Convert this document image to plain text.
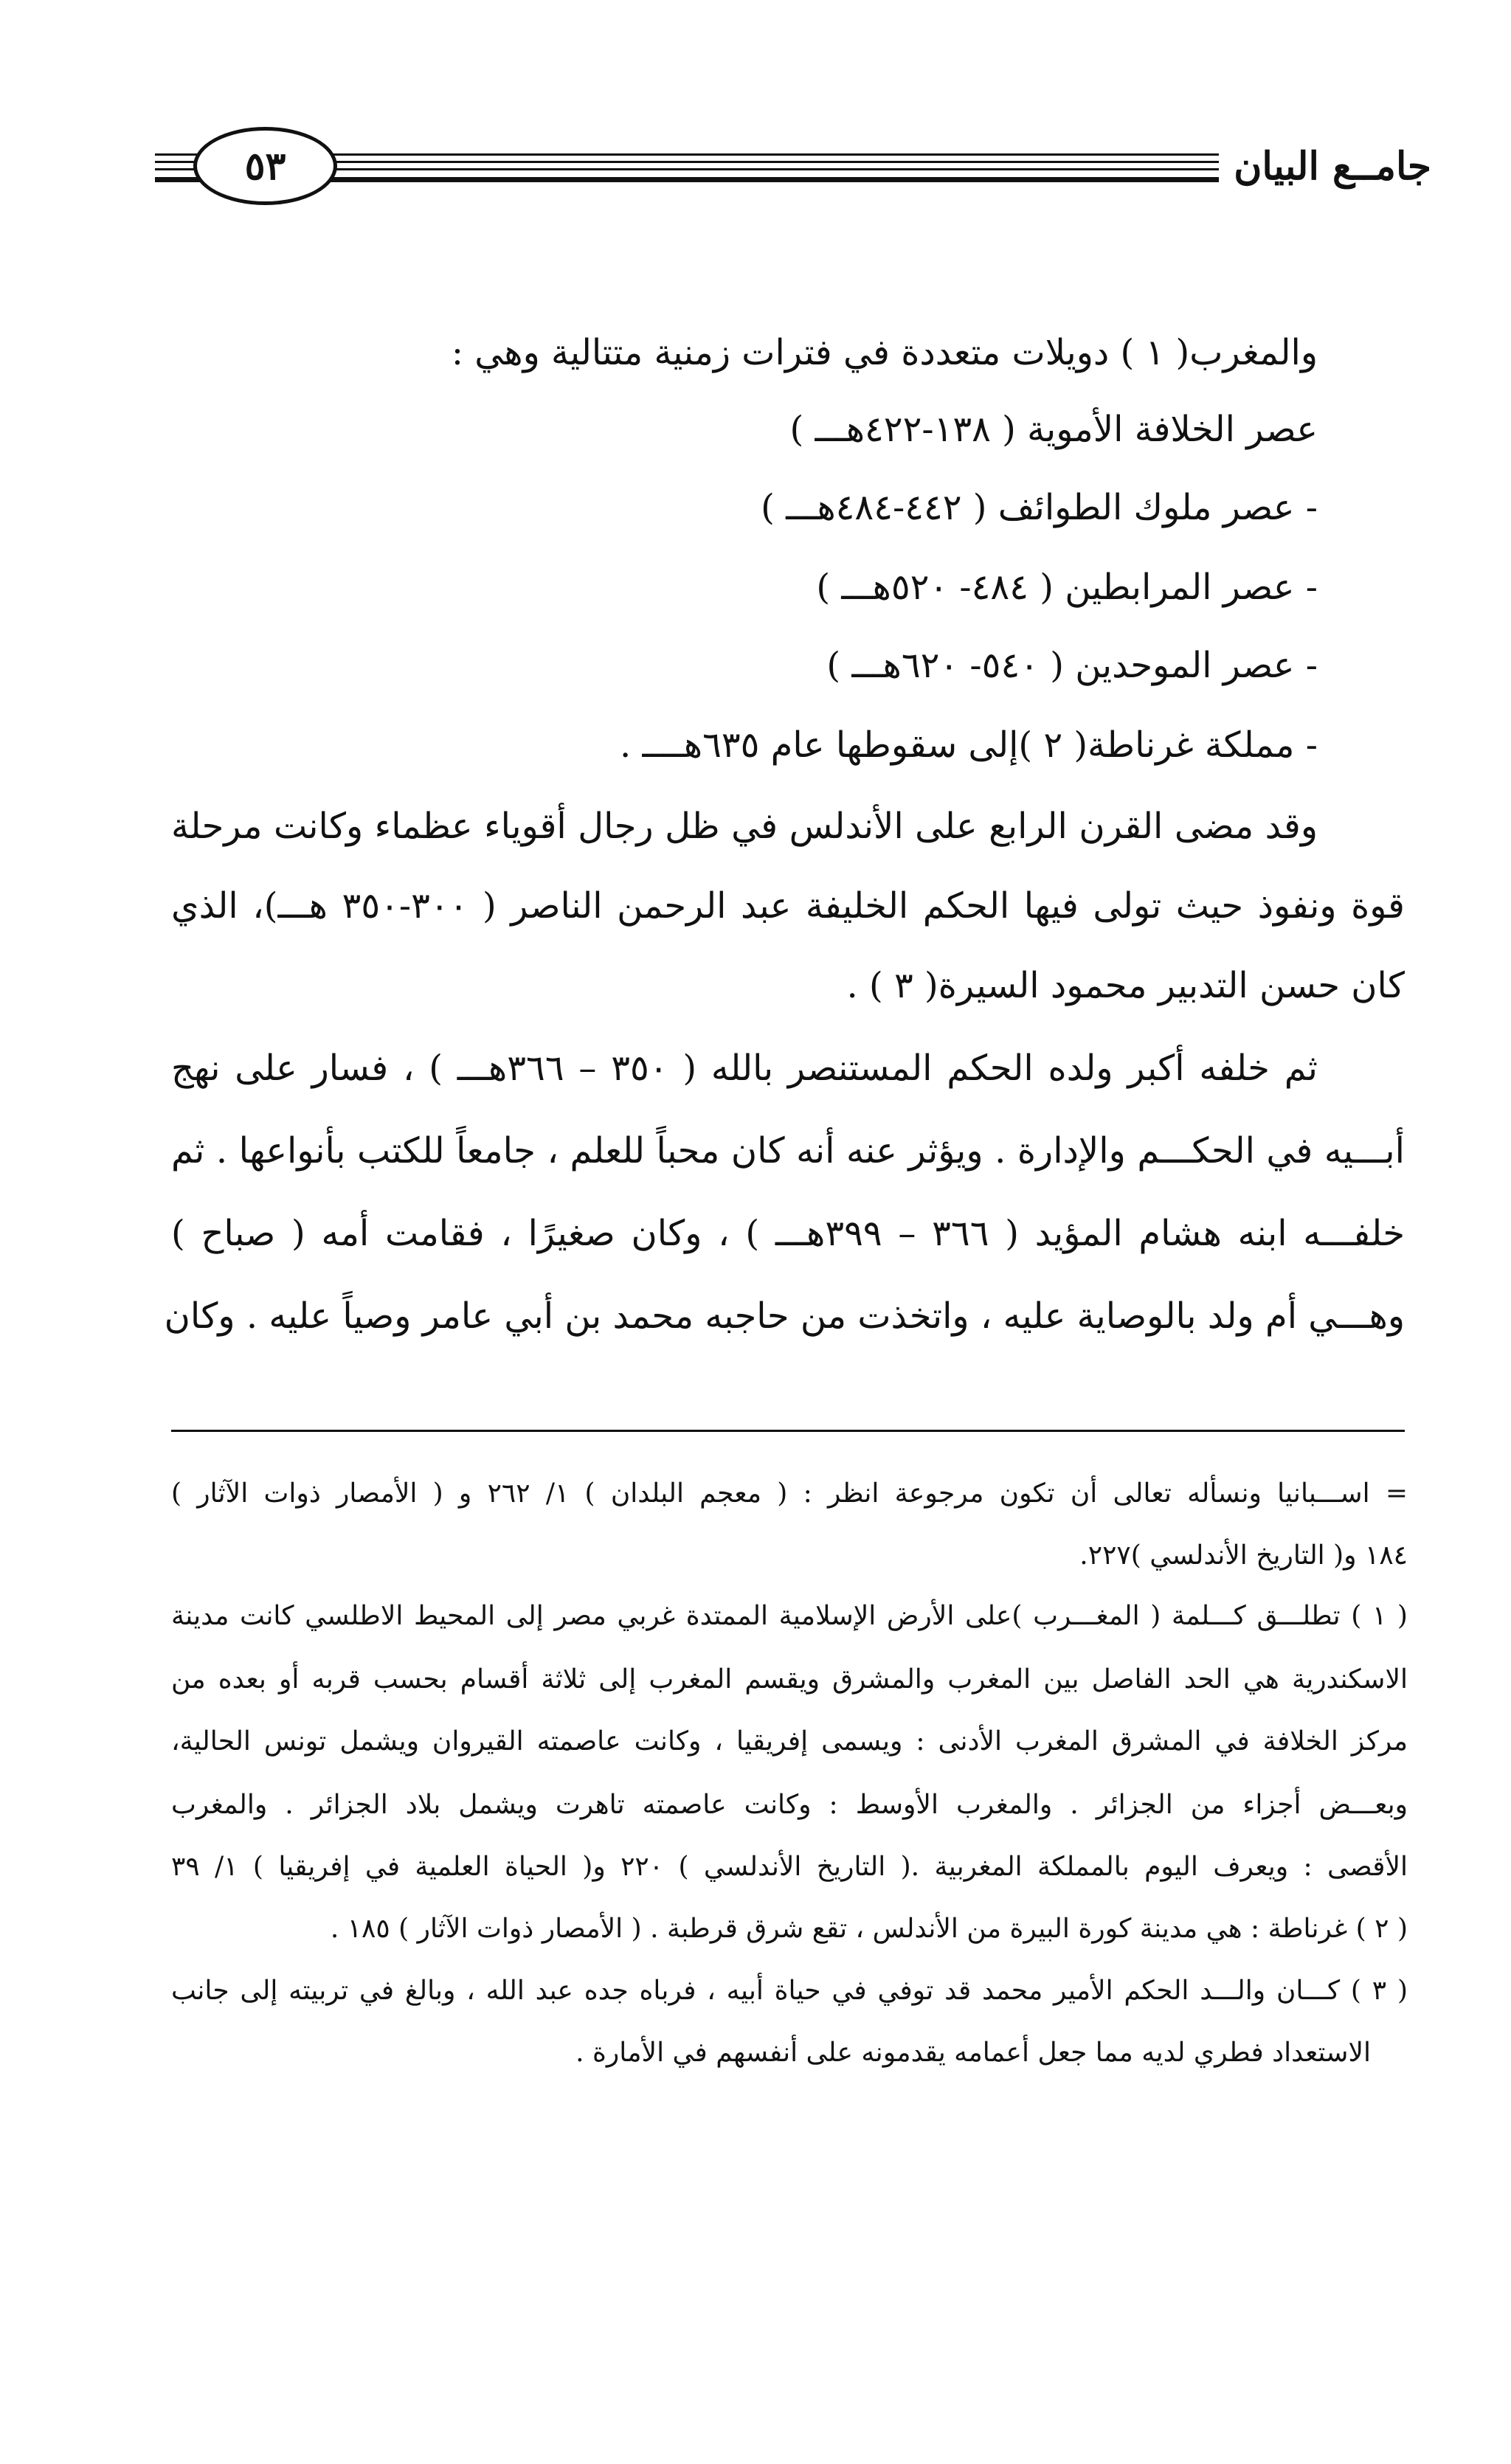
٥٣	جامــع البيان
والمغرب( ١ ) دويلات متعددة في فترات زمنية متتالية وهي :
عصر الخلافة الأموية ( ١٣٨-٤٢٢هـــ )
- عصر ملوك الطوائف ( ٤٤٢-٤٨٤هـــ )
- عصر المرابطين ( ٤٨٤- ٥٢٠هـــ )
- عصر الموحدين ( ٥٤٠- ٦٢٠هـــ )
- مملكة غرناطة( ٢ )إلى سقوطها عام ٦٣٥هــــ .
وقد مضى القرن الرابع على الأندلس في ظل رجال أقوياء عظماء وكانت مرحلة
قوة ونفوذ حيث تولى فيها الحكم الخليفة عبد الرحمن الناصر ( ٣٠٠-٣٥٠ هـــ)، الذي
كان حسن التدبير محمود السيرة( ٣ ) .
ثم خلفه أكبر ولده الحكم المستنصر بالله ( ٣٥٠ – ٣٦٦هـــ ) ، فسار على نهج
أبـــيه في الحكـــم والإدارة . ويؤثر عنه أنه كان محباً للعلم ، جامعاً للكتب بأنواعها . ثم
خلفـــه ابنه هشام المؤيد ( ٣٦٦ – ٣٩٩هـــ ) ، وكان صغيرًا ، فقامت أمه ( صباح )
وهـــي أم ولد بالوصاية عليه ، واتخذت من حاجبه محمد بن أبي عامر وصياً عليه . وكان
= اســـبانيا ونسأله تعالى أن تكون مرجوعة انظر : ( معجم البلدان ) ١/ ٢٦٢ و ( الأمصار ذوات الآثار )
١٨٤ و( التاريخ الأندلسي )٢٢٧.
( ١ ) تطلـــق كـــلمة ( المغـــرب )على الأرض الإسلامية الممتدة غربي مصر إلى المحيط الاطلسي كانت مدينة
الاسكندرية هي الحد الفاصل بين المغرب والمشرق ويقسم المغرب إلى ثلاثة أقسام بحسب قربه أو بعده من
مركز الخلافة في المشرق المغرب الأدنى : ويسمى إفريقيا ، وكانت عاصمته القيروان ويشمل تونس الحالية،
وبعـــض أجزاء من الجزائر . والمغرب الأوسط : وكانت عاصمته تاهرت ويشمل بلاد الجزائر . والمغرب
الأقصى : ويعرف اليوم بالمملكة المغربية .( التاريخ الأندلسي ) ٢٢٠ و( الحياة العلمية في إفريقيا ) ١/ ٣٩
( ٢ ) غرناطة : هي مدينة كورة البيرة من الأندلس ، تقع شرق قرطبة . ( الأمصار ذوات الآثار ) ١٨٥ .
( ٣ ) كـــان والـــد الحكم الأمير محمد قد توفي في حياة أبيه ، فرباه جده عبد الله ، وبالغ في تربيته إلى جانب
الاستعداد فطري لديه مما جعل أعمامه يقدمونه على أنفسهم في الأمارة .
